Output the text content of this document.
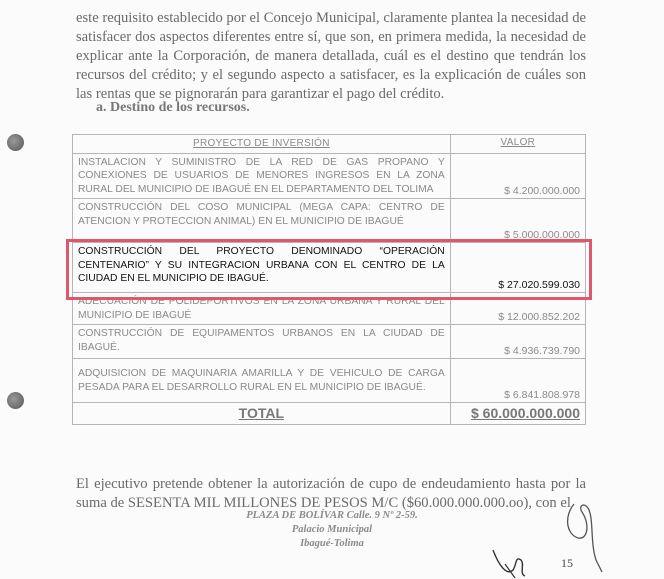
este requisito establecido por el Concejo Municipal, claramente plantea la necesidad de satisfacer dos aspectos diferentes entre sí, que son, en primera medida, la necesidad de explicar ante la Corporación, de manera detallada, cuál es el destino que tendrán los recursos del crédito; y el segundo aspecto a satisfacer, es la explicación de cuáles son las rentas que se pignorarán para garantizar el pago del crédito.

a. Destino de los recursos.
PROYECTO DE INVERSIÓN	VALOR
INSTALACION Y SUMINISTRO DE LA RED DE GAS PROPANO Y CONEXIONES DE USUARIOS DE MENORES INGRESOS EN LA ZONA RURAL DEL MUNICIPIO DE IBAGUÉ EN EL DEPARTAMENTO DEL TOLIMA	$ 4.200.000.000
CONSTRUCCIÓN DEL COSO MUNICIPAL (MEGA CAPA: CENTRO DE ATENCION Y PROTECCION ANIMAL) EN EL MUNICIPIO DE IBAGUÉ	$ 5.000.000.000
CONSTRUCCIÓN DEL PROYECTO DENOMINADO “OPERACIÓN CENTENARIO” Y SU INTEGRACION URBANA CON EL CENTRO DE LA CIUDAD EN EL MUNICIPIO DE IBAGUÉ.	$ 27.020.599.030
ADECUACIÓN DE POLIDEPORTIVOS EN LA ZONA URBANA Y RURAL DEL MUNICIPIO DE IBAGUÉ	$ 12.000.852.202
CONSTRUCCIÓN DE EQUIPAMENTOS URBANOS EN LA CIUDAD DE IBAGUÉ.	$ 4.936.739.790
ADQUISICION DE MAQUINARIA AMARILLA Y DE VEHICULO DE CARGA PESADA PARA EL DESARROLLO RURAL EN EL MUNICIPIO DE IBAGUÉ.	$ 6.841.808.978
TOTAL	$ 60.000.000.000

El ejecutivo pretende obtener la autorización de cupo de endeudamiento hasta por la suma de SESENTA MIL MILLONES DE PESOS M/C ($60.000.000.000.oo), con el

PLAZA DE BOLÍVAR Calle. 9 Nº 2-59.
Palacio Municipal
Ibagué-Tolima
15
